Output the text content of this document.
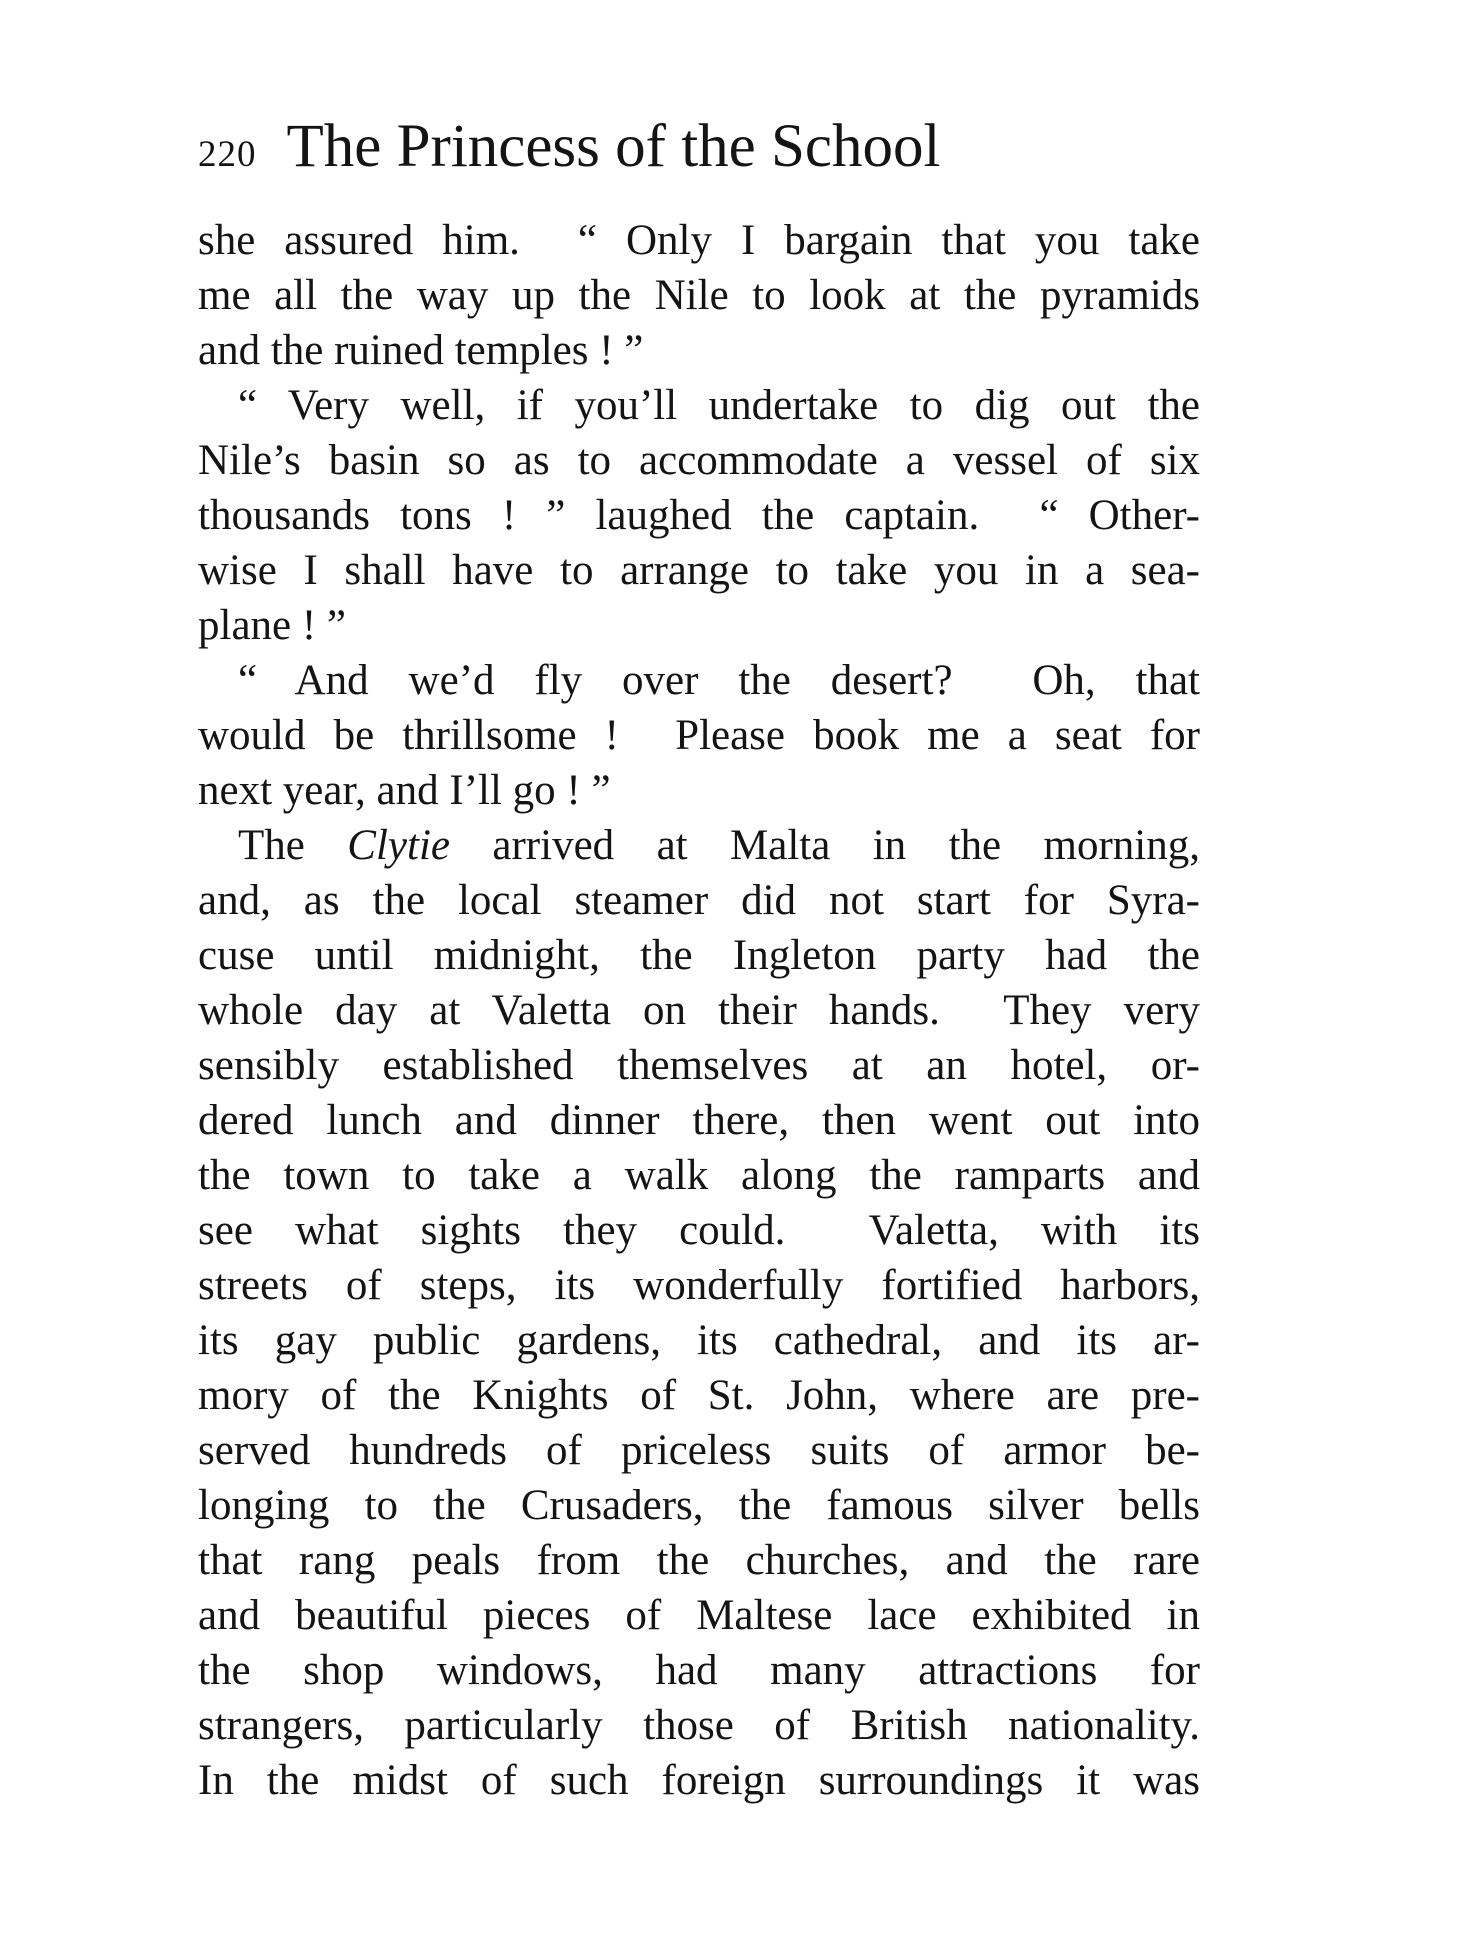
220 The Princess of the School
she assured him.  “ Only I bargain that you take
me all the way up the Nile to look at the pyramids
and the ruined temples ! ”
“ Very well, if you’ll undertake to dig out the
Nile’s basin so as to accommodate a vessel of six
thousands tons ! ” laughed the captain.  “ Other-
wise I shall have to arrange to take you in a sea-
plane ! ”
“ And we’d fly over the desert?  Oh, that
would be thrillsome !  Please book me a seat for
next year, and I’ll go ! ”
The Clytie arrived at Malta in the morning,
and, as the local steamer did not start for Syra-
cuse until midnight, the Ingleton party had the
whole day at Valetta on their hands.  They very
sensibly established themselves at an hotel, or-
dered lunch and dinner there, then went out into
the town to take a walk along the ramparts and
see what sights they could.  Valetta, with its
streets of steps, its wonderfully fortified harbors,
its gay public gardens, its cathedral, and its ar-
mory of the Knights of St. John, where are pre-
served hundreds of priceless suits of armor be-
longing to the Crusaders, the famous silver bells
that rang peals from the churches, and the rare
and beautiful pieces of Maltese lace exhibited in
the shop windows, had many attractions for
strangers, particularly those of British nationality.
In the midst of such foreign surroundings it was
